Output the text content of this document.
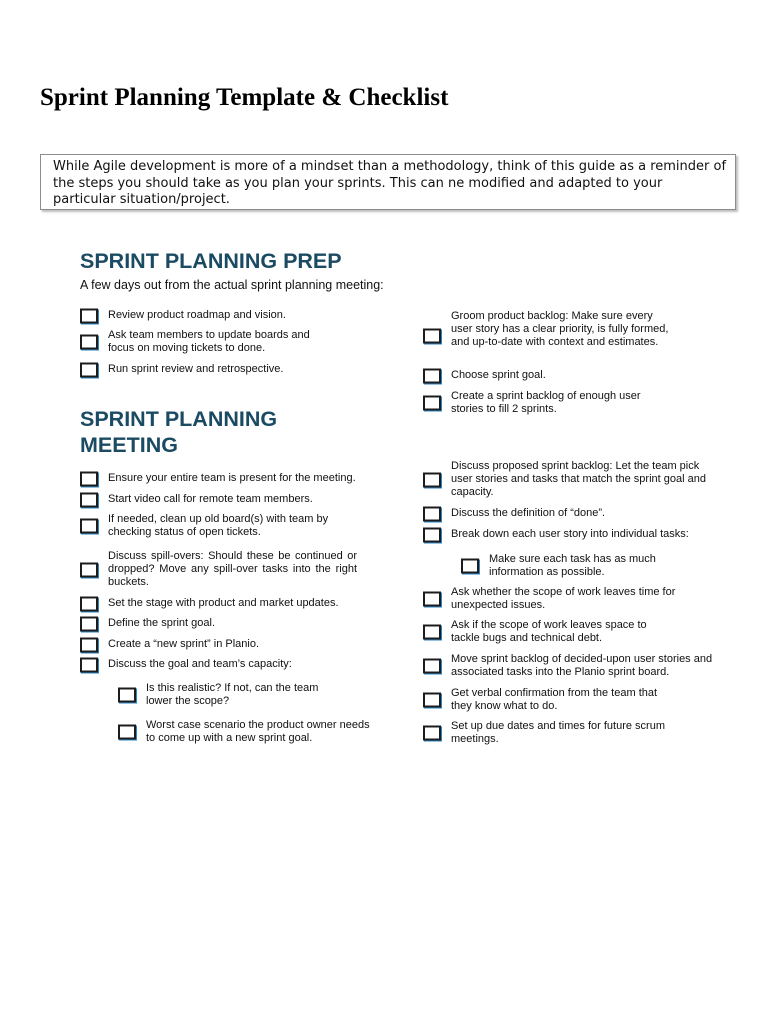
Sprint Planning Template & Checklist
While Agile development is more of a mindset than a methodology, think of this guide as a reminder of the steps you should take as you plan your sprints. This can ne modified and adapted to your particular situation/project.
SPRINT PLANNING PREP
A few days out from the actual sprint planning meeting:
Review product roadmap and vision.
Ask team members to update boards and focus on moving tickets to done.
Run sprint review and retrospective.
Groom product backlog: Make sure every user story has a clear priority, is fully formed, and up-to-date with context and estimates.
Choose sprint goal.
Create a sprint backlog of enough user stories to fill 2 sprints.
SPRINT PLANNING
MEETING
Ensure your entire team is present for the meeting.
Start video call for remote team members.
If needed, clean up old board(s) with team by checking status of open tickets.
Discuss spill-overs: Should these be continued or dropped? Move any spill-over tasks into the right buckets.
Set the stage with product and market updates.
Define the sprint goal.
Create a “new sprint” in Planio.
Discuss the goal and team’s capacity:
Is this realistic? If not, can the team lower the scope?
Worst case scenario the product owner needs to come up with a new sprint goal.
Discuss proposed sprint backlog: Let the team pick user stories and tasks that match the sprint goal and capacity.
Discuss the definition of “done”.
Break down each user story into individual tasks:
Make sure each task has as much information as possible.
Ask whether the scope of work leaves time for unexpected issues.
Ask if the scope of work leaves space to tackle bugs and technical debt.
Move sprint backlog of decided-upon user stories and associated tasks into the Planio sprint board.
Get verbal confirmation from the team that they know what to do.
Set up due dates and times for future scrum meetings.
